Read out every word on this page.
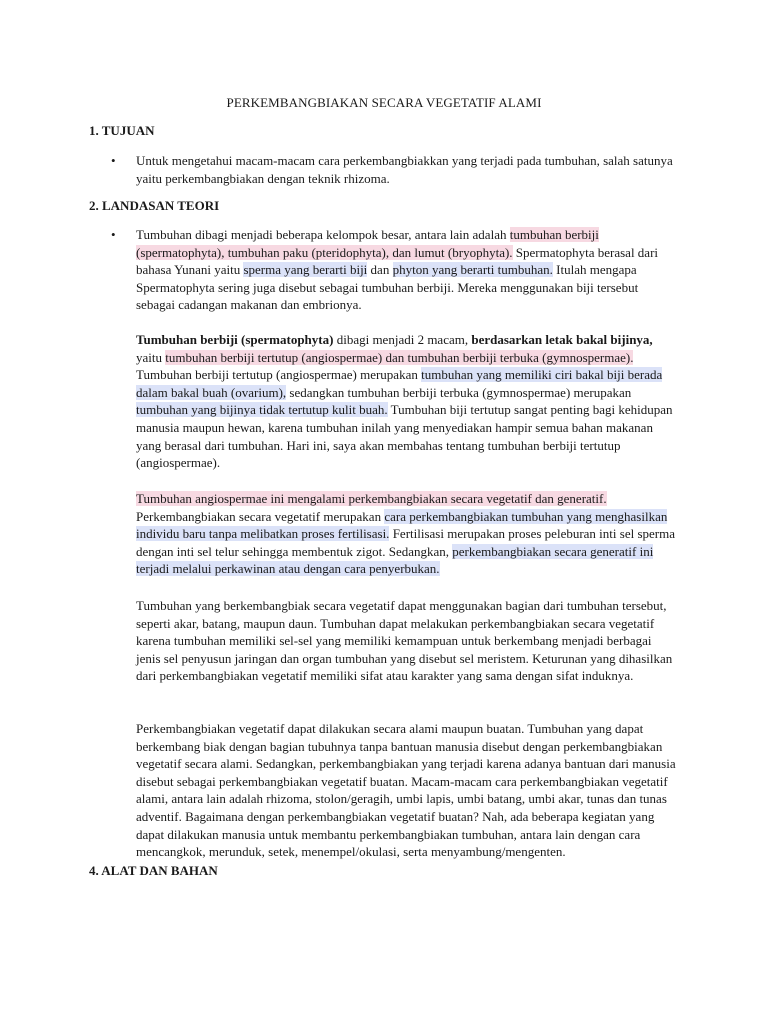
PERKEMBANGBIAKAN SECARA VEGETATIF ALAMI
1. TUJUAN
• Untuk mengetahui macam-macam cara perkembangbiakkan yang terjadi pada tumbuhan, salah satunya yaitu perkembangbiakan dengan teknik rhizoma.

2. LANDASAN TEORI
• Tumbuhan dibagi menjadi beberapa kelompok besar, antara lain adalah tumbuhan berbiji (spermatophyta), tumbuhan paku (pteridophyta), dan lumut (bryophyta). Spermatophyta berasal dari bahasa Yunani yaitu sperma yang berarti biji dan phyton yang berarti tumbuhan. Itulah mengapa Spermatophyta sering juga disebut sebagai tumbuhan berbiji. Mereka menggunakan biji tersebut sebagai cadangan makanan dan embrionya.

Tumbuhan berbiji (spermatophyta) dibagi menjadi 2 macam, berdasarkan letak bakal bijinya, yaitu tumbuhan berbiji tertutup (angiospermae) dan tumbuhan berbiji terbuka (gymnospermae). Tumbuhan berbiji tertutup (angiospermae) merupakan tumbuhan yang memiliki ciri bakal biji berada dalam bakal buah (ovarium), sedangkan tumbuhan berbiji terbuka (gymnospermae) merupakan tumbuhan yang bijinya tidak tertutup kulit buah. Tumbuhan biji tertutup sangat penting bagi kehidupan manusia maupun hewan, karena tumbuhan inilah yang menyediakan hampir semua bahan makanan yang berasal dari tumbuhan. Hari ini, saya akan membahas tentang tumbuhan berbiji tertutup (angiospermae).

Tumbuhan angiospermae ini mengalami perkembangbiakan secara vegetatif dan generatif. Perkembangbiakan secara vegetatif merupakan cara perkembangbiakan tumbuhan yang menghasilkan individu baru tanpa melibatkan proses fertilisasi. Fertilisasi merupakan proses peleburan inti sel sperma dengan inti sel telur sehingga membentuk zigot. Sedangkan, perkembangbiakan secara generatif ini terjadi melalui perkawinan atau dengan cara penyerbukan.

Tumbuhan yang berkembangbiak secara vegetatif dapat menggunakan bagian dari tumbuhan tersebut, seperti akar, batang, maupun daun. Tumbuhan dapat melakukan perkembangbiakan secara vegetatif karena tumbuhan memiliki sel-sel yang memiliki kemampuan untuk berkembang menjadi berbagai jenis sel penyusun jaringan dan organ tumbuhan yang disebut sel meristem. Keturunan yang dihasilkan dari perkembangbiakan vegetatif memiliki sifat atau karakter yang sama dengan sifat induknya.

Perkembangbiakan vegetatif dapat dilakukan secara alami maupun buatan. Tumbuhan yang dapat berkembang biak dengan bagian tubuhnya tanpa bantuan manusia disebut dengan perkembangbiakan vegetatif secara alami. Sedangkan, perkembangbiakan yang terjadi karena adanya bantuan dari manusia disebut sebagai perkembangbiakan vegetatif buatan. Macam-macam cara perkembangbiakan vegetatif alami, antara lain adalah rhizoma, stolon/geragih, umbi lapis, umbi batang, umbi akar, tunas dan tunas adventif. Bagaimana dengan perkembangbiakan vegetatif buatan? Nah, ada beberapa kegiatan yang dapat dilakukan manusia untuk membantu perkembangbiakan tumbuhan, antara lain dengan cara mencangkok, merunduk, setek, menempel/okulasi, serta menyambung/mengenten.

4. ALAT DAN BAHAN
